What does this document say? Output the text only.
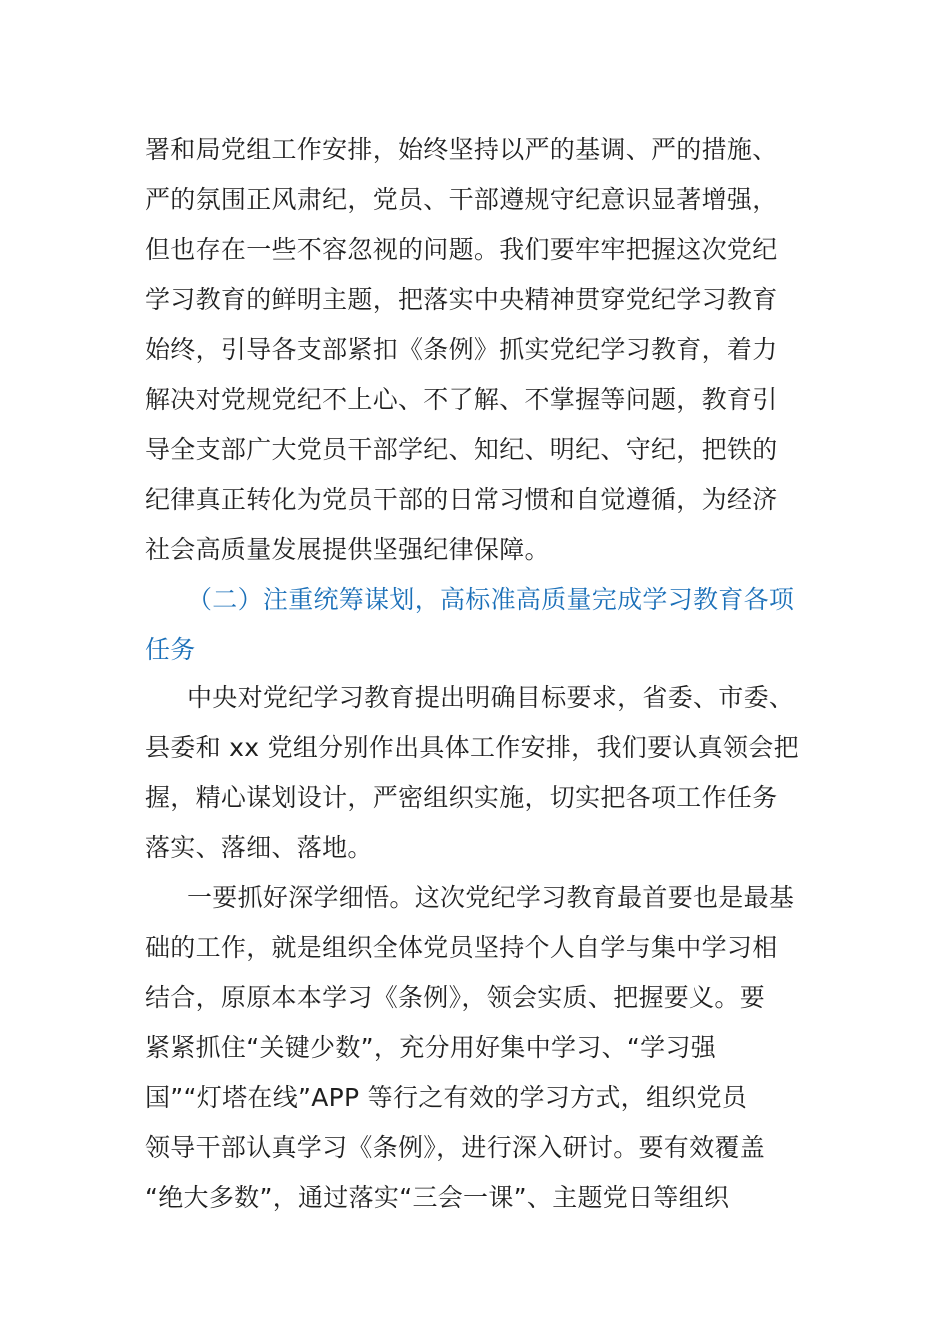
署和局党组工作安排，始终坚持以严的基调、严的措施、
严的氛围正风肃纪，党员、干部遵规守纪意识显著增强，
但也存在一些不容忽视的问题。我们要牢牢把握这次党纪
学习教育的鲜明主题，把落实中央精神贯穿党纪学习教育
始终，引导各支部紧扣《条例》抓实党纪学习教育，着力
解决对党规党纪不上心、不了解、不掌握等问题，教育引
导全支部广大党员干部学纪、知纪、明纪、守纪，把铁的
纪律真正转化为党员干部的日常习惯和自觉遵循，为经济
社会高质量发展提供坚强纪律保障。
（二）注重统筹谋划，高标准高质量完成学习教育各项
任务
中央对党纪学习教育提出明确目标要求，省委、市委、
县委和 xx 党组分别作出具体工作安排，我们要认真领会把
握，精心谋划设计，严密组织实施，切实把各项工作任务
落实、落细、落地。
一要抓好深学细悟。这次党纪学习教育最首要也是最基
础的工作，就是组织全体党员坚持个人自学与集中学习相
结合，原原本本学习《条例》，领会实质、把握要义。要
紧紧抓住“关键少数”，充分用好集中学习、“学习强
国”“灯塔在线”APP 等行之有效的学习方式，组织党员
领导干部认真学习《条例》，进行深入研讨。要有效覆盖
“绝大多数”，通过落实“三会一课”、主题党日等组织
